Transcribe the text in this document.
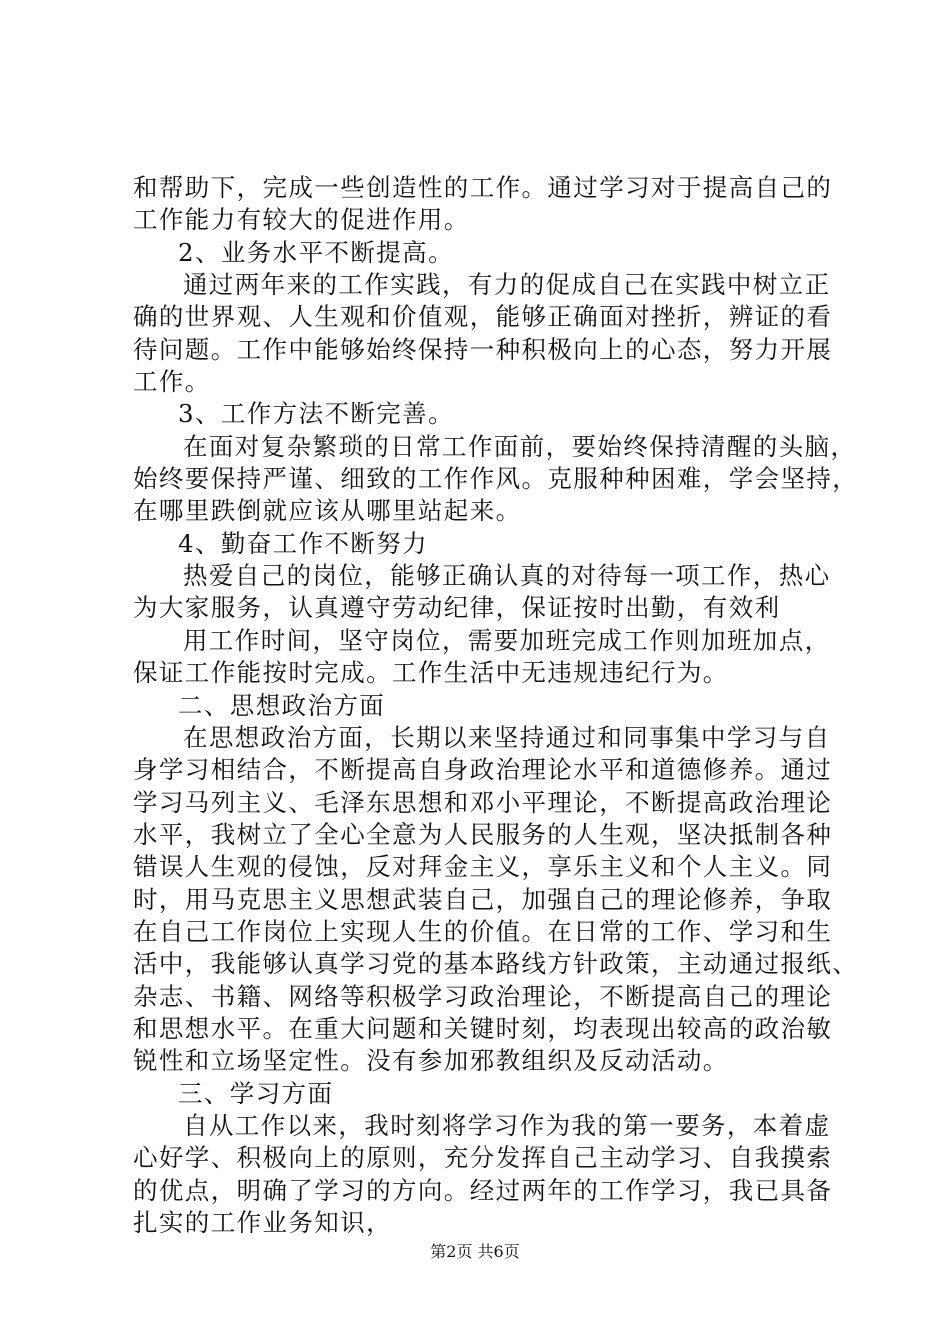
和帮助下，完成一些创造性的工作。通过学习对于提高自己的
工作能力有较大的促进作用。
2、业务水平不断提高。
通过两年来的工作实践，有力的促成自己在实践中树立正
确的世界观、人生观和价值观，能够正确面对挫折，辨证的看
待问题。工作中能够始终保持一种积极向上的心态，努力开展
工作。
3、工作方法不断完善。
在面对复杂繁琐的日常工作面前，要始终保持清醒的头脑，
始终要保持严谨、细致的工作作风。克服种种困难，学会坚持，
在哪里跌倒就应该从哪里站起来。
4、勤奋工作不断努力
热爱自己的岗位，能够正确认真的对待每一项工作，热心
为大家服务，认真遵守劳动纪律，保证按时出勤，有效利
用工作时间，坚守岗位，需要加班完成工作则加班加点，
保证工作能按时完成。工作生活中无违规违纪行为。
二、思想政治方面
在思想政治方面，长期以来坚持通过和同事集中学习与自
身学习相结合，不断提高自身政治理论水平和道德修养。通过
学习马列主义、毛泽东思想和邓小平理论，不断提高政治理论
水平，我树立了全心全意为人民服务的人生观，坚决抵制各种
错误人生观的侵蚀，反对拜金主义，享乐主义和个人主义。同
时，用马克思主义思想武装自己，加强自己的理论修养，争取
在自己工作岗位上实现人生的价值。在日常的工作、学习和生
活中，我能够认真学习党的基本路线方针政策，主动通过报纸、
杂志、书籍、网络等积极学习政治理论，不断提高自己的理论
和思想水平。在重大问题和关键时刻，均表现出较高的政治敏
锐性和立场坚定性。没有参加邪教组织及反动活动。
三、学习方面
自从工作以来，我时刻将学习作为我的第一要务，本着虚
心好学、积极向上的原则，充分发挥自己主动学习、自我摸索
的优点，明确了学习的方向。经过两年的工作学习，我已具备
扎实的工作业务知识，
第2页 共6页
